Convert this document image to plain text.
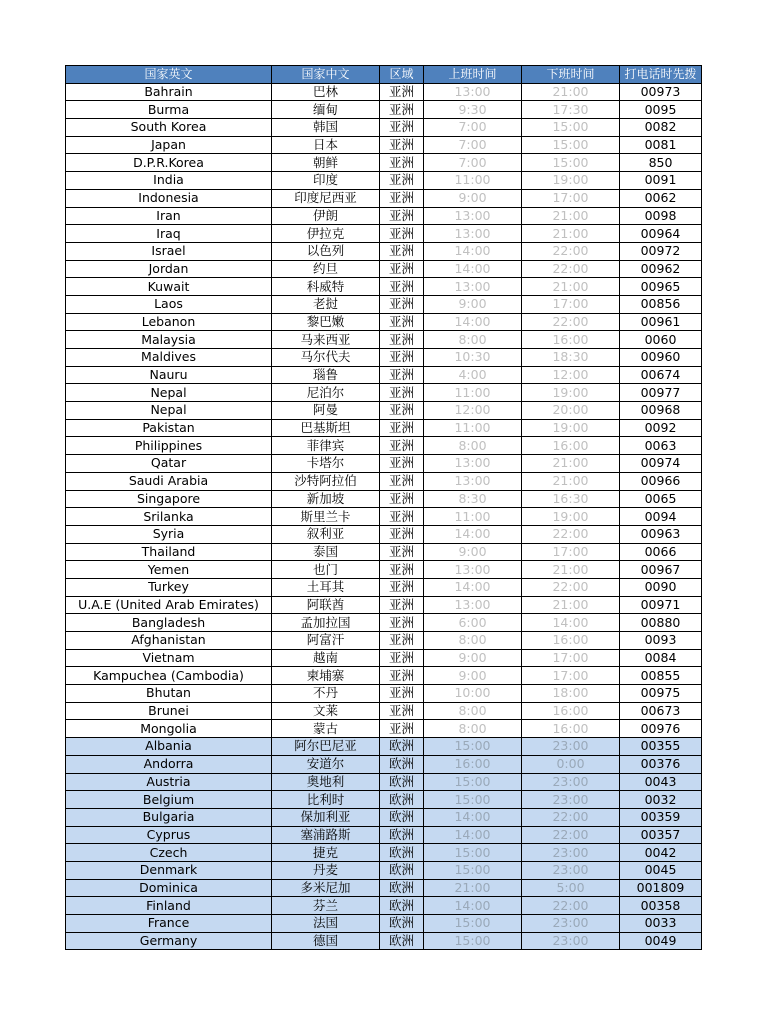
国家英文	国家中文	区域	上班时间	下班时间	打电话时先拨
Bahrain	巴林	亚洲	13:00	21:00	00973
Burma	缅甸	亚洲	9:30	17:30	0095
South Korea	韩国	亚洲	7:00	15:00	0082
Japan	日本	亚洲	7:00	15:00	0081
D.P.R.Korea	朝鲜	亚洲	7:00	15:00	850
India	印度	亚洲	11:00	19:00	0091
Indonesia	印度尼西亚	亚洲	9:00	17:00	0062
Iran	伊朗	亚洲	13:00	21:00	0098
Iraq	伊拉克	亚洲	13:00	21:00	00964
Israel	以色列	亚洲	14:00	22:00	00972
Jordan	约旦	亚洲	14:00	22:00	00962
Kuwait	科威特	亚洲	13:00	21:00	00965
Laos	老挝	亚洲	9:00	17:00	00856
Lebanon	黎巴嫩	亚洲	14:00	22:00	00961
Malaysia	马来西亚	亚洲	8:00	16:00	0060
Maldives	马尔代夫	亚洲	10:30	18:30	00960
Nauru	瑙鲁	亚洲	4:00	12:00	00674
Nepal	尼泊尔	亚洲	11:00	19:00	00977
Nepal	阿曼	亚洲	12:00	20:00	00968
Pakistan	巴基斯坦	亚洲	11:00	19:00	0092
Philippines	菲律宾	亚洲	8:00	16:00	0063
Qatar	卡塔尔	亚洲	13:00	21:00	00974
Saudi Arabia	沙特阿拉伯	亚洲	13:00	21:00	00966
Singapore	新加坡	亚洲	8:30	16:30	0065
Srilanka	斯里兰卡	亚洲	11:00	19:00	0094
Syria	叙利亚	亚洲	14:00	22:00	00963
Thailand	泰国	亚洲	9:00	17:00	0066
Yemen	也门	亚洲	13:00	21:00	00967
Turkey	土耳其	亚洲	14:00	22:00	0090
U.A.E (United Arab Emirates)	阿联酋	亚洲	13:00	21:00	00971
Bangladesh	孟加拉国	亚洲	6:00	14:00	00880
Afghanistan	阿富汗	亚洲	8:00	16:00	0093
Vietnam	越南	亚洲	9:00	17:00	0084
Kampuchea (Cambodia)	柬埔寨	亚洲	9:00	17:00	00855
Bhutan	不丹	亚洲	10:00	18:00	00975
Brunei	文莱	亚洲	8:00	16:00	00673
Mongolia	蒙古	亚洲	8:00	16:00	00976
Albania	阿尔巴尼亚	欧洲	15:00	23:00	00355
Andorra	安道尔	欧洲	16:00	0:00	00376
Austria	奥地利	欧洲	15:00	23:00	0043
Belgium	比利时	欧洲	15:00	23:00	0032
Bulgaria	保加利亚	欧洲	14:00	22:00	00359
Cyprus	塞浦路斯	欧洲	14:00	22:00	00357
Czech	捷克	欧洲	15:00	23:00	0042
Denmark	丹麦	欧洲	15:00	23:00	0045
Dominica	多米尼加	欧洲	21:00	5:00	001809
Finland	芬兰	欧洲	14:00	22:00	00358
France	法国	欧洲	15:00	23:00	0033
Germany	德国	欧洲	15:00	23:00	0049
